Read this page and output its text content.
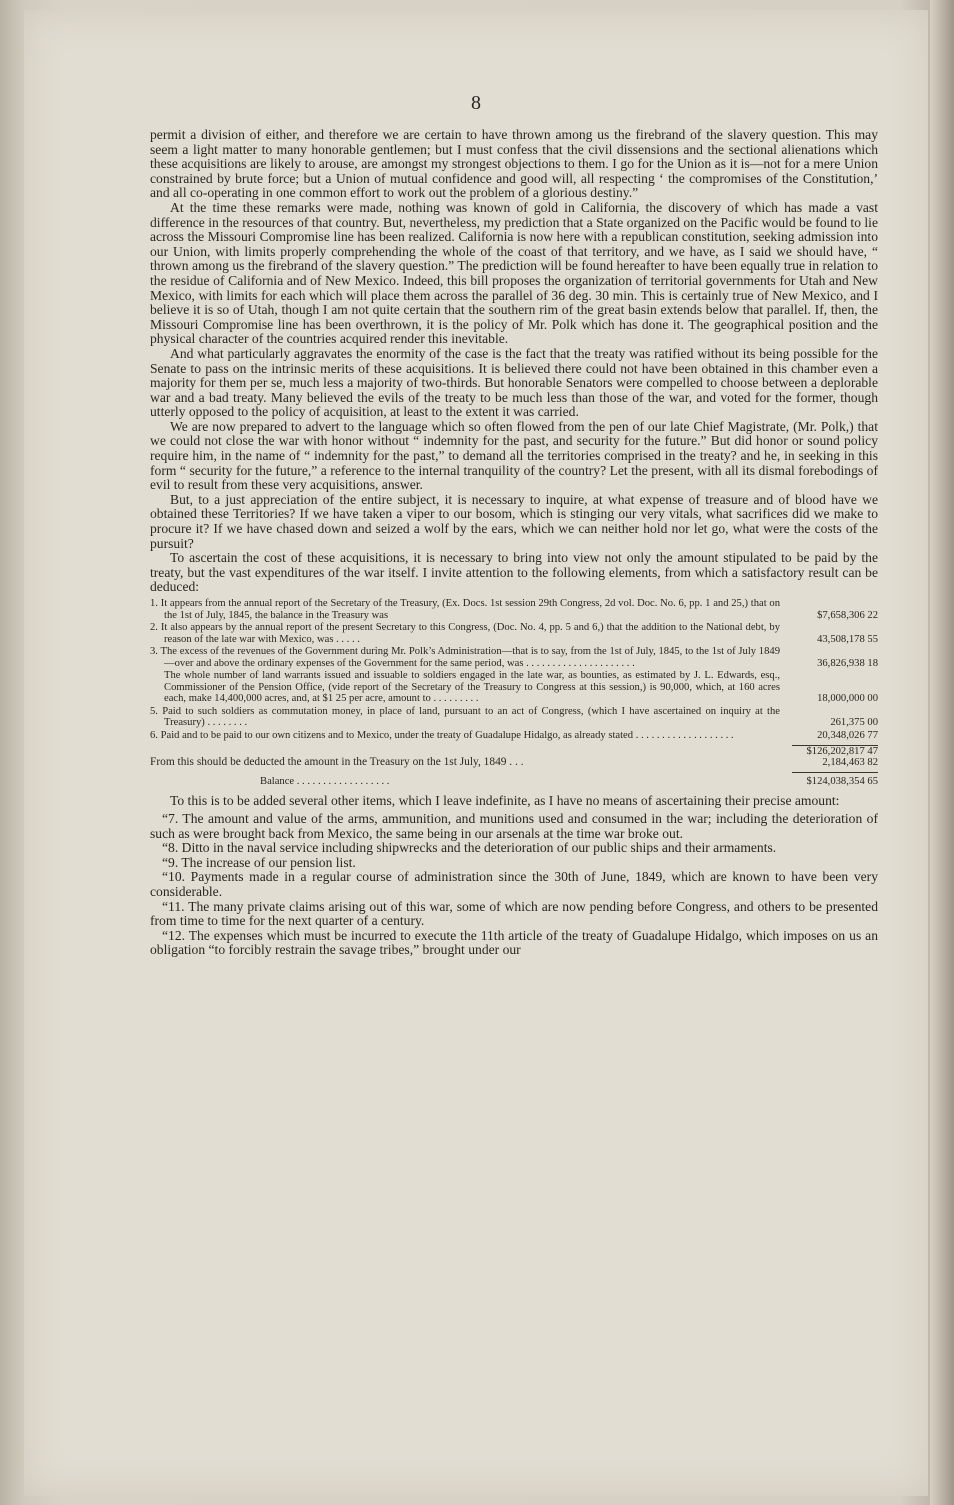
8

permit a division of either, and therefore we are certain to have thrown among us the firebrand of the slavery question. This may seem a light matter to many honorable gentlemen; but I must confess that the civil dissensions and the sectional alienations which these acquisitions are likely to arouse, are amongst my strongest objections to them. I go for the Union as it is—not for a mere Union constrained by brute force; but a Union of mutual confidence and good will, all respecting ‘ the compromises of the Constitution,’ and all co-operating in one common effort to work out the problem of a glorious destiny.”

At the time these remarks were made, nothing was known of gold in California, the discovery of which has made a vast difference in the resources of that country. But, nevertheless, my prediction that a State organized on the Pacific would be found to lie across the Missouri Compromise line has been realized. California is now here with a republican constitution, seeking admission into our Union, with limits properly comprehending the whole of the coast of that territory, and we have, as I said we should have, “ thrown among us the firebrand of the slavery question.” The prediction will be found hereafter to have been equally true in relation to the residue of California and of New Mexico. Indeed, this bill proposes the organization of territorial governments for Utah and New Mexico, with limits for each which will place them across the parallel of 36 deg. 30 min. This is certainly true of New Mexico, and I believe it is so of Utah, though I am not quite certain that the southern rim of the great basin extends below that parallel. If, then, the Missouri Compromise line has been overthrown, it is the policy of Mr. Polk which has done it. The geographical position and the physical character of the countries acquired render this inevitable.

And what particularly aggravates the enormity of the case is the fact that the treaty was ratified without its being possible for the Senate to pass on the intrinsic merits of these acquisitions. It is believed there could not have been obtained in this chamber even a majority for them per se, much less a majority of two-thirds. But honorable Senators were compelled to choose between a deplorable war and a bad treaty. Many believed the evils of the treaty to be much less than those of the war, and voted for the former, though utterly opposed to the policy of acquisition, at least to the extent it was carried.

We are now prepared to advert to the language which so often flowed from the pen of our late Chief Magistrate, (Mr. Polk,) that we could not close the war with honor without “ indemnity for the past, and security for the future.” But did honor or sound policy require him, in the name of “ indemnity for the past,” to demand all the territories comprised in the treaty? and he, in seeking in this form “ security for the future,” a reference to the internal tranquility of the country? Let the present, with all its dismal forebodings of evil to result from these very acquisitions, answer.

But, to a just appreciation of the entire subject, it is necessary to inquire, at what expense of treasure and of blood have we obtained these Territories? If we have taken a viper to our bosom, which is stinging our very vitals, what sacrifices did we make to procure it? If we have chased down and seized a wolf by the ears, which we can neither hold nor let go, what were the costs of the pursuit?

To ascertain the cost of these acquisitions, it is necessary to bring into view not only the amount stipulated to be paid by the treaty, but the vast expenditures of the war itself. I invite attention to the following elements, from which a satisfactory result can be deduced:

1. It appears from the annual report of the Secretary of the Treasury, (Ex. Docs. 1st session 29th Congress, 2d vol. Doc. No. 6, pp. 1 and 25,) that on the 1st of July, 1845, the balance in the Treasury was	$7,658,306 22
2. It also appears by the annual report of the present Secretary to this Congress, (Doc. No. 4, pp. 5 and 6,) that the addition to the National debt, by reason of the late war with Mexico, was . . . . .	43,508,178 55
3. The excess of the revenues of the Government during Mr. Polk’s Administration—that is to say, from the 1st of July, 1845, to the 1st of July 1849—over and above the ordinary expenses of the Government for the same period, was . . . . . . . . . . . . . . . . . . . . .	36,826,938 18
The whole number of land warrants issued and issuable to soldiers engaged in the late war, as bounties, as estimated by J. L. Edwards, esq., Commissioner of the Pension Office, (vide report of the Secretary of the Treasury to Congress at this session,) is 90,000, which, at 160 acres each, make 14,400,000 acres, and, at $1 25 per acre, amount to . . . . . . . . .	18,000,000 00
5. Paid to such soldiers as commutation money, in place of land, pursuant to an act of Congress, (which I have ascertained on inquiry at the Treasury) . . . . . . . .	261,375 00
6. Paid and to be paid to our own citizens and to Mexico, under the treaty of Guadalupe Hidalgo, as already stated . . . . . . . . . . . . . . . . . . .	20,348,026 77
$126,202,817 47
From this should be deducted the amount in the Treasury on the 1st July, 1849 . . .	2,184,463 82
Balance . . . . . . . . . . . . . . . . . .	$124,038,354 65

To this is to be added several other items, which I leave indefinite, as I have no means of ascertaining their precise amount:

“7. The amount and value of the arms, ammunition, and munitions used and consumed in the war; including the deterioration of such as were brought back from Mexico, the same being in our arsenals at the time war broke out.

“8. Ditto in the naval service including shipwrecks and the deterioration of our public ships and their armaments.

“9. The increase of our pension list.

“10. Payments made in a regular course of administration since the 30th of June, 1849, which are known to have been very considerable.

“11. The many private claims arising out of this war, some of which are now pending before Congress, and others to be presented from time to time for the next quarter of a century.

“12. The expenses which must be incurred to execute the 11th article of the treaty of Guadalupe Hidalgo, which imposes on us an obligation “to forcibly restrain the savage tribes,” brought under our
